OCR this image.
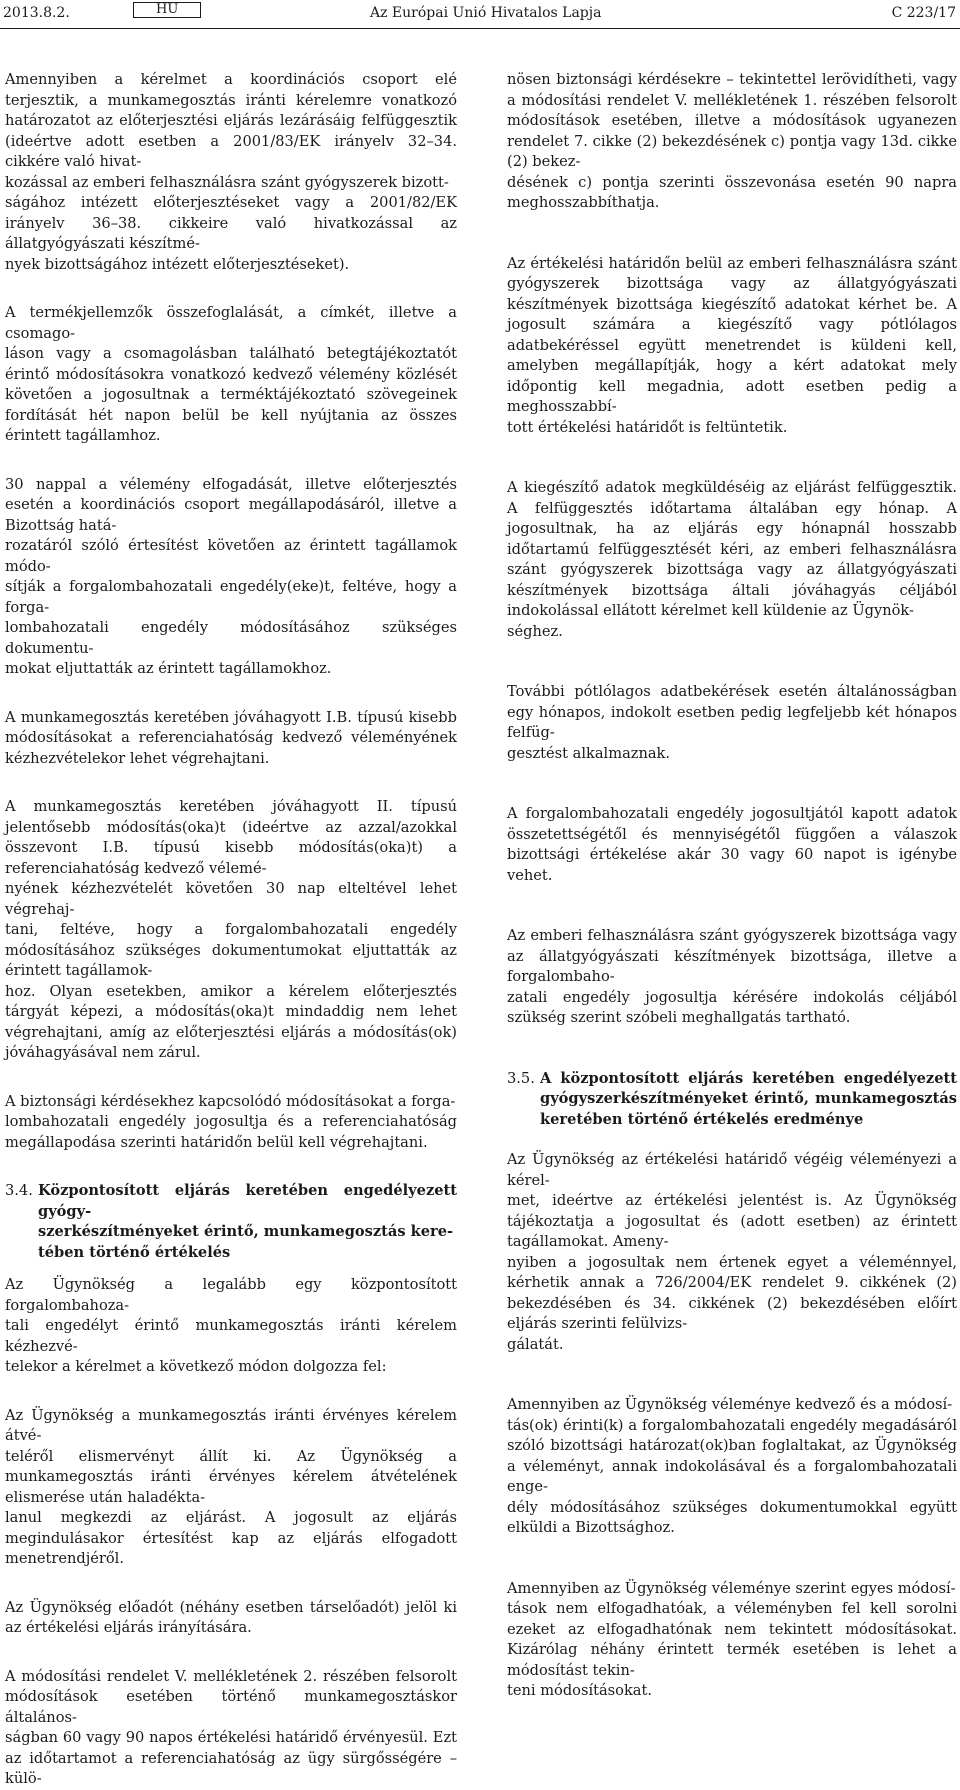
2013.8.2.	HU	Az Európai Unió Hivatalos Lapja	C 223/17

Amennyiben a kérelmet a koordinációs csoport elé terjesztik, a munkamegosztás iránti kérelemre vonatkozó határozatot az előterjesztési eljárás lezárásáig felfüggesztik (ideértve adott esetben a 2001/83/EK irányelv 32–34. cikkére való hivat-
kozással az emberi felhasználásra szánt gyógyszerek bizott-
ságához intézett előterjesztéseket vagy a 2001/82/EK irányelv 36–38. cikkeire való hivatkozással az állatgyógyászati készítmé-
nyek bizottságához intézett előterjesztéseket).

A termékjellemzők összefoglalását, a címkét, illetve a csomago-
láson vagy a csomagolásban található betegtájékoztatót érintő módosításokra vonatkozó kedvező vélemény közlését követően a jogosultnak a terméktájékoztató szövegeinek fordítását hét napon belül be kell nyújtania az összes érintett tagállamhoz.

30 nappal a vélemény elfogadását, illetve előterjesztés esetén a koordinációs csoport megállapodásáról, illetve a Bizottság hatá-
rozatáról szóló értesítést követően az érintett tagállamok módo-
sítják a forgalombahozatali engedély(eke)t, feltéve, hogy a forga-
lombahozatali engedély módosításához szükséges dokumentu-
mokat eljuttatták az érintett tagállamokhoz.

A munkamegosztás keretében jóváhagyott I.B. típusú kisebb módosításokat a referenciahatóság kedvező véleményének kézhezvételekor lehet végrehajtani.

A munkamegosztás keretében jóváhagyott II. típusú jelentősebb módosítás(oka)t (ideértve az azzal/azokkal összevont I.B. típusú kisebb módosítás(oka)t) a referenciahatóság kedvező vélemé-
nyének kézhezvételét követően 30 nap elteltével lehet végrehaj-
tani, feltéve, hogy a forgalombahozatali engedély módosításához szükséges dokumentumokat eljuttatták az érintett tagállamok-
hoz. Olyan esetekben, amikor a kérelem előterjesztés tárgyát képezi, a módosítás(oka)t mindaddig nem lehet végrehajtani, amíg az előterjesztési eljárás a módosítás(ok) jóváhagyásával nem zárul.

A biztonsági kérdésekhez kapcsolódó módosításokat a forga-
lombahozatali engedély jogosultja és a referenciahatóság megállapodása szerinti határidőn belül kell végrehajtani.

3.4. Központosított eljárás keretében engedélyezett gyógy-
szerkészítményeket érintő, munkamegosztás kere-
tében történő értékelés

Az Ügynökség a legalább egy központosított forgalombahoza-
tali engedélyt érintő munkamegosztás iránti kérelem kézhezvé-
telekor a kérelmet a következő módon dolgozza fel:

Az Ügynökség a munkamegosztás iránti érvényes kérelem átvé-
teléről elismervényt állít ki. Az Ügynökség a munkamegosztás iránti érvényes kérelem átvételének elismerése után haladékta-
lanul megkezdi az eljárást. A jogosult az eljárás megindulásakor értesítést kap az eljárás elfogadott menetrendjéről.

Az Ügynökség előadót (néhány esetben társelőadót) jelöl ki az értékelési eljárás irányítására.

A módosítási rendelet V. mellékletének 2. részében felsorolt módosítások esetében történő munkamegosztáskor általános-
ságban 60 vagy 90 napos értékelési határidő érvényesül. Ezt az időtartamot a referenciahatóság az ügy sürgősségére – külö-

nösen biztonsági kérdésekre – tekintettel lerövidítheti, vagy a módosítási rendelet V. mellékletének 1. részében felsorolt módosítások esetében, illetve a módosítások ugyanezen rendelet 7. cikke (2) bekezdésének c) pontja vagy 13d. cikke (2) bekez-
désének c) pontja szerinti összevonása esetén 90 napra meghosszabbíthatja.

Az értékelési határidőn belül az emberi felhasználásra szánt gyógyszerek bizottsága vagy az állatgyógyászati készítmények bizottsága kiegészítő adatokat kérhet be. A jogosult számára a kiegészítő vagy pótlólagos adatbekéréssel együtt menetrendet is küldeni kell, amelyben megállapítják, hogy a kért adatokat mely időpontig kell megadnia, adott esetben pedig a meghosszabbí-
tott értékelési határidőt is feltüntetik.

A kiegészítő adatok megküldéséig az eljárást felfüggesztik. A felfüggesztés időtartama általában egy hónap. A jogosultnak, ha az eljárás egy hónapnál hosszabb időtartamú felfüggesztését kéri, az emberi felhasználásra szánt gyógyszerek bizottsága vagy az állatgyógyászati készítmények bizottsága általi jóváhagyás céljából indokolással ellátott kérelmet kell küldenie az Ügynök-
séghez.

További pótlólagos adatbekérések esetén általánosságban egy hónapos, indokolt esetben pedig legfeljebb két hónapos felfüg-
gesztést alkalmaznak.

A forgalombahozatali engedély jogosultjától kapott adatok összetettségétől és mennyiségétől függően a válaszok bizottsági értékelése akár 30 vagy 60 napot is igénybe vehet.

Az emberi felhasználásra szánt gyógyszerek bizottsága vagy az állatgyógyászati készítmények bizottsága, illetve a forgalombaho-
zatali engedély jogosultja kérésére indokolás céljából szükség szerint szóbeli meghallgatás tartható.

3.5. A központosított eljárás keretében engedélyezett gyógyszerkészítményeket érintő, munkamegosztás keretében történő értékelés eredménye

Az Ügynökség az értékelési határidő végéig véleményezi a kérel-
met, ideértve az értékelési jelentést is. Az Ügynökség tájékoztatja a jogosultat és (adott esetben) az érintett tagállamokat. Ameny-
nyiben a jogosultak nem értenek egyet a véleménnyel, kérhetik annak a 726/2004/EK rendelet 9. cikkének (2) bekezdésében és 34. cikkének (2) bekezdésében előírt eljárás szerinti felülvizs-
gálatát.

Amennyiben az Ügynökség véleménye kedvező és a módosí-
tás(ok) érinti(k) a forgalombahozatali engedély megadásáról szóló bizottsági határozat(ok)ban foglaltakat, az Ügynökség a véleményt, annak indokolásával és a forgalombahozatali enge-
dély módosításához szükséges dokumentumokkal együtt elküldi a Bizottsághoz.

Amennyiben az Ügynökség véleménye szerint egyes módosí-
tások nem elfogadhatóak, a véleményben fel kell sorolni ezeket az elfogadhatónak nem tekintett módosításokat. Kizárólag néhány érintett termék esetében is lehet a módosítást tekin-
teni módosításokat.
